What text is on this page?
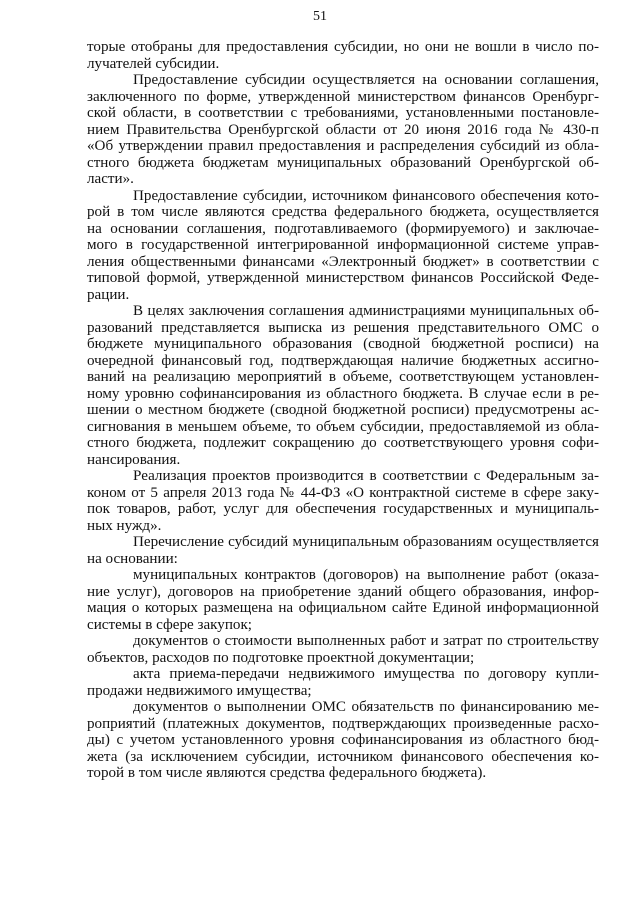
51
торые отобраны для предоставления субсидии, но они не вошли в число по-
лучателей субсидии.
Предоставление субсидии осуществляется на основании соглашения,
заключенного по форме, утвержденной министерством финансов Оренбург-
ской области, в соответствии с требованиями, установленными постановле-
нием Правительства Оренбургской области от 20 июня 2016 года № 430-п
«Об утверждении правил предоставления и распределения субсидий из обла-
стного бюджета бюджетам муниципальных образований Оренбургской об-
ласти».
Предоставление субсидии, источником финансового обеспечения кото-
рой в том числе являются средства федерального бюджета, осуществляется
на основании соглашения, подготавливаемого (формируемого) и заключае-
мого в государственной интегрированной информационной системе управ-
ления общественными финансами «Электронный бюджет» в соответствии с
типовой формой, утвержденной министерством финансов Российской Феде-
рации.
В целях заключения соглашения администрациями муниципальных об-
разований представляется выписка из решения представительного ОМС о
бюджете муниципального образования (сводной бюджетной росписи) на
очередной финансовый год, подтверждающая наличие бюджетных ассигно-
ваний на реализацию мероприятий в объеме, соответствующем установлен-
ному уровню софинансирования из областного бюджета. В случае если в ре-
шении о местном бюджете (сводной бюджетной росписи) предусмотрены ас-
сигнования в меньшем объеме, то объем субсидии, предоставляемой из обла-
стного бюджета, подлежит сокращению до соответствующего уровня софи-
нансирования.
Реализация проектов производится в соответствии с Федеральным за-
коном от 5 апреля 2013 года № 44-ФЗ «О контрактной системе в сфере заку-
пок товаров, работ, услуг для обеспечения государственных и муниципаль-
ных нужд».
Перечисление субсидий муниципальным образованиям осуществляется
на основании:
муниципальных контрактов (договоров) на выполнение работ (оказа-
ние услуг), договоров на приобретение зданий общего образования, инфор-
мация о которых размещена на официальном сайте Единой информационной
системы в сфере закупок;
документов о стоимости выполненных работ и затрат по строительству
объектов, расходов по подготовке проектной документации;
акта приема-передачи недвижимого имущества по договору купли-
продажи недвижимого имущества;
документов о выполнении ОМС обязательств по финансированию ме-
роприятий (платежных документов, подтверждающих произведенные расхо-
ды) с учетом установленного уровня софинансирования из областного бюд-
жета (за исключением субсидии, источником финансового обеспечения ко-
торой в том числе являются средства федерального бюджета).
